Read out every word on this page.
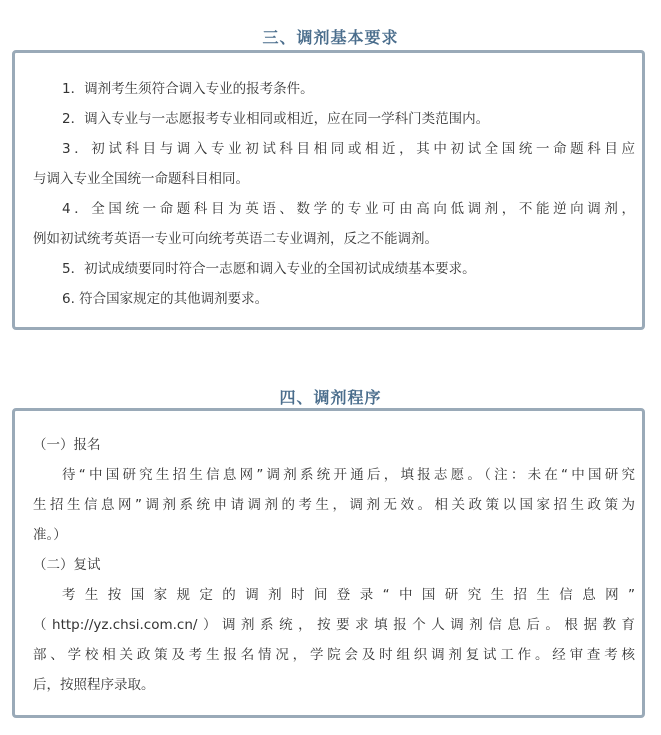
三、调剂基本要求
1．调剂考生须符合调入专业的报考条件。
2．调入专业与一志愿报考专业相同或相近，应在同一学科门类范围内。
3．初试科目与调入专业初试科目相同或相近，其中初试全国统一命题科目应
与调入专业全国统一命题科目相同。
4．全国统一命题科目为英语、数学的专业可由高向低调剂，不能逆向调剂，
例如初试统考英语一专业可向统考英语二专业调剂，反之不能调剂。
5．初试成绩要同时符合一志愿和调入专业的全国初试成绩基本要求。
6. 符合国家规定的其他调剂要求。
四、调剂程序
（一）报名
待“中国研究生招生信息网”调剂系统开通后，填报志愿。（注：未在“中国研究
生招生信息网”调剂系统申请调剂的考生，调剂无效。相关政策以国家招生政策为
准。）
（二）复试
考生按国家规定的调剂时间登录“中国研究生招生信息网”
（http://yz.chsi.com.cn/）调剂系统，按要求填报个人调剂信息后。根据教育
部、学校相关政策及考生报名情况，学院会及时组织调剂复试工作。经审查考核
后，按照程序录取。
